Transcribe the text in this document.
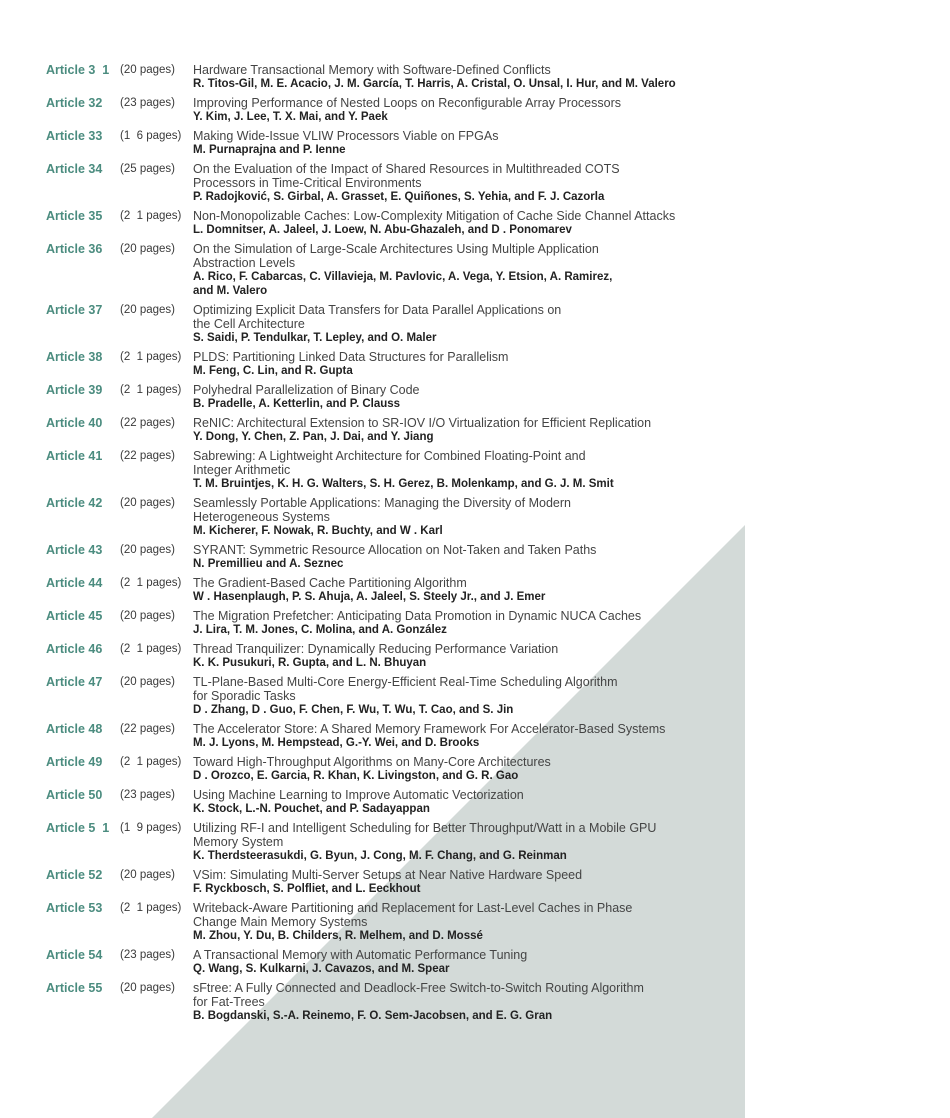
Article 3  1 (20 pages) Hardware Transactional Memory with Software-Defined Conflicts
R. Titos-Gil, M. E. Acacio, J. M. García, T. Harris, A. Cristal, O. Unsal, I. Hur, and M. Valero
Article 32 (23 pages) Improving Performance of Nested Loops on Reconfigurable Array Processors
Y. Kim, J. Lee, T. X. Mai, and Y. Paek
Article 33 (1  6 pages) Making Wide-Issue VLIW Processors Viable on FPGAs
M. Purnaprajna and P. Ienne
Article 34 (25 pages) On the Evaluation of the Impact of Shared Resources in Multithreaded COTS
Processors in Time-Critical Environments
P. Radojković, S. Girbal, A. Grasset, E. Quiñones, S. Yehia, and F. J. Cazorla
Article 35 (2  1 pages) Non-Monopolizable Caches: Low-Complexity Mitigation of Cache Side Channel Attacks
L. Domnitser, A. Jaleel, J. Loew, N. Abu-Ghazaleh, and D . Ponomarev
Article 36 (20 pages) On the Simulation of Large-Scale Architectures Using Multiple Application
Abstraction Levels
A. Rico, F. Cabarcas, C. Villavieja, M. Pavlovic, A. Vega, Y. Etsion, A. Ramirez,
and M. Valero
Article 37 (20 pages) Optimizing Explicit Data Transfers for Data Parallel Applications on
the Cell Architecture
S. Saidi, P. Tendulkar, T. Lepley, and O. Maler
Article 38 (2  1 pages) PLDS: Partitioning Linked Data Structures for Parallelism
M. Feng, C. Lin, and R. Gupta
Article 39 (2  1 pages) Polyhedral Parallelization of Binary Code
B. Pradelle, A. Ketterlin, and P. Clauss
Article 40 (22 pages) ReNIC: Architectural Extension to SR-IOV I/O Virtualization for Efficient Replication
Y. Dong, Y. Chen, Z. Pan, J. Dai, and Y. Jiang
Article 41 (22 pages) Sabrewing: A Lightweight Architecture for Combined Floating-Point and
Integer Arithmetic
T. M. Bruintjes, K. H. G. Walters, S. H. Gerez, B. Molenkamp, and G. J. M. Smit
Article 42 (20 pages) Seamlessly Portable Applications: Managing the Diversity of Modern
Heterogeneous Systems
M. Kicherer, F. Nowak, R. Buchty, and W . Karl
Article 43 (20 pages) SYRANT: Symmetric Resource Allocation on Not-Taken and Taken Paths
N. Premillieu and A. Seznec
Article 44 (2  1 pages) The Gradient-Based Cache Partitioning Algorithm
W . Hasenplaugh, P. S. Ahuja, A. Jaleel, S. Steely Jr., and J. Emer
Article 45 (20 pages) The Migration Prefetcher: Anticipating Data Promotion in Dynamic NUCA Caches
J. Lira, T. M. Jones, C. Molina, and A. González
Article 46 (2  1 pages) Thread Tranquilizer: Dynamically Reducing Performance Variation
K. K. Pusukuri, R. Gupta, and L. N. Bhuyan
Article 47 (20 pages) TL-Plane-Based Multi-Core Energy-Efficient Real-Time Scheduling Algorithm
for Sporadic Tasks
D . Zhang, D . Guo, F. Chen, F. Wu, T. Wu, T. Cao, and S. Jin
Article 48 (22 pages) The Accelerator Store: A Shared Memory Framework For Accelerator-Based Systems
M. J. Lyons, M. Hempstead, G.-Y. Wei, and D. Brooks
Article 49 (2  1 pages) Toward High-Throughput Algorithms on Many-Core Architectures
D . Orozco, E. Garcia, R. Khan, K. Livingston, and G. R. Gao
Article 50 (23 pages) Using Machine Learning to Improve Automatic Vectorization
K. Stock, L.-N. Pouchet, and P. Sadayappan
Article 5  1 (1  9 pages) Utilizing RF-I and Intelligent Scheduling for Better Throughput/Watt in a Mobile GPU
Memory System
K. Therdsteerasukdi, G. Byun, J. Cong, M. F. Chang, and G. Reinman
Article 52 (20 pages) VSim: Simulating Multi-Server Setups at Near Native Hardware Speed
F. Ryckbosch, S. Polfliet, and L. Eeckhout
Article 53 (2  1 pages) Writeback-Aware Partitioning and Replacement for Last-Level Caches in Phase
Change Main Memory Systems
M. Zhou, Y. Du, B. Childers, R. Melhem, and D. Mossé
Article 54 (23 pages) A Transactional Memory with Automatic Performance Tuning
Q. Wang, S. Kulkarni, J. Cavazos, and M. Spear
Article 55 (20 pages) sFtree: A Fully Connected and Deadlock-Free Switch-to-Switch Routing Algorithm
for Fat-Trees
B. Bogdanski, S.-A. Reinemo, F. O. Sem-Jacobsen, and E. G. Gran
